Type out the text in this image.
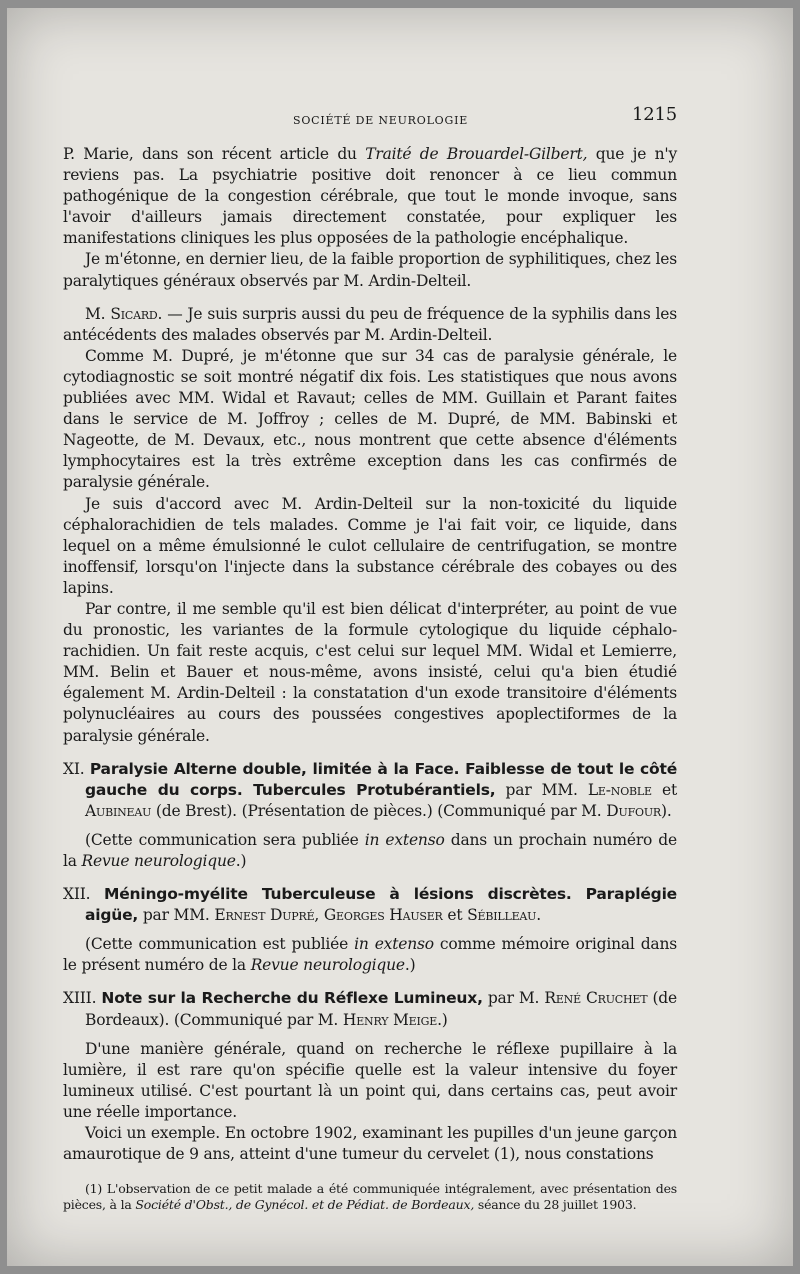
SOCIÉTÉ DE NEUROLOGIE	1215

P. Marie, dans son récent article du Traité de Brouardel-Gilbert, que je n'y reviens pas. La psychiatrie positive doit renoncer à ce lieu commun pathogénique de la congestion cérébrale, que tout le monde invoque, sans l'avoir d'ailleurs jamais directement constatée, pour expliquer les manifestations cliniques les plus opposées de la pathologie encéphalique.

Je m'étonne, en dernier lieu, de la faible proportion de syphilitiques, chez les paralytiques généraux observés par M. Ardin-Delteil.

M. Sicard. — Je suis surpris aussi du peu de fréquence de la syphilis dans les antécédents des malades observés par M. Ardin-Delteil.

Comme M. Dupré, je m'étonne que sur 34 cas de paralysie générale, le cytodiagnostic se soit montré négatif dix fois. Les statistiques que nous avons publiées avec MM. Widal et Ravaut; celles de MM. Guillain et Parant faites dans le service de M. Joffroy ; celles de M. Dupré, de MM. Babinski et Nageotte, de M. Devaux, etc., nous montrent que cette absence d'éléments lymphocytaires est la très extrême exception dans les cas confirmés de paralysie générale.

Je suis d'accord avec M. Ardin-Delteil sur la non-toxicité du liquide céphalorachidien de tels malades. Comme je l'ai fait voir, ce liquide, dans lequel on a même émulsionné le culot cellulaire de centrifugation, se montre inoffensif, lorsqu'on l'injecte dans la substance cérébrale des cobayes ou des lapins.

Par contre, il me semble qu'il est bien délicat d'interpréter, au point de vue du pronostic, les variantes de la formule cytologique du liquide céphalo-rachidien. Un fait reste acquis, c'est celui sur lequel MM. Widal et Lemierre, MM. Belin et Bauer et nous-même, avons insisté, celui qu'a bien étudié également M. Ardin-Delteil : la constatation d'un exode transitoire d'éléments polynucléaires au cours des poussées congestives apoplectiformes de la paralysie générale.

XI. Paralysie Alterne double, limitée à la Face. Faiblesse de tout le côté gauche du corps. Tubercules Protubérantiels, par MM. Le-noble et Aubineau (de Brest). (Présentation de pièces.) (Communiqué par M. Dufour).

(Cette communication sera publiée in extenso dans un prochain numéro de la Revue neurologique.)

XII. Méningo-myélite Tuberculeuse à lésions discrètes. Paraplégie aigüe, par MM. Ernest Dupré, Georges Hauser et Sébilleau.

(Cette communication est publiée in extenso comme mémoire original dans le présent numéro de la Revue neurologique.)

XIII. Note sur la Recherche du Réflexe Lumineux, par M. René Cruchet (de Bordeaux). (Communiqué par M. Henry Meige.)

D'une manière générale, quand on recherche le réflexe pupillaire à la lumière, il est rare qu'on spécifie quelle est la valeur intensive du foyer lumineux utilisé. C'est pourtant là un point qui, dans certains cas, peut avoir une réelle importance.

Voici un exemple. En octobre 1902, examinant les pupilles d'un jeune garçon amaurotique de 9 ans, atteint d'une tumeur du cervelet (1), nous constations

(1) L'observation de ce petit malade a été communiquée intégralement, avec présentation des pièces, à la Société d'Obst., de Gynécol. et de Pédiat. de Bordeaux, séance du 28 juillet 1903.
